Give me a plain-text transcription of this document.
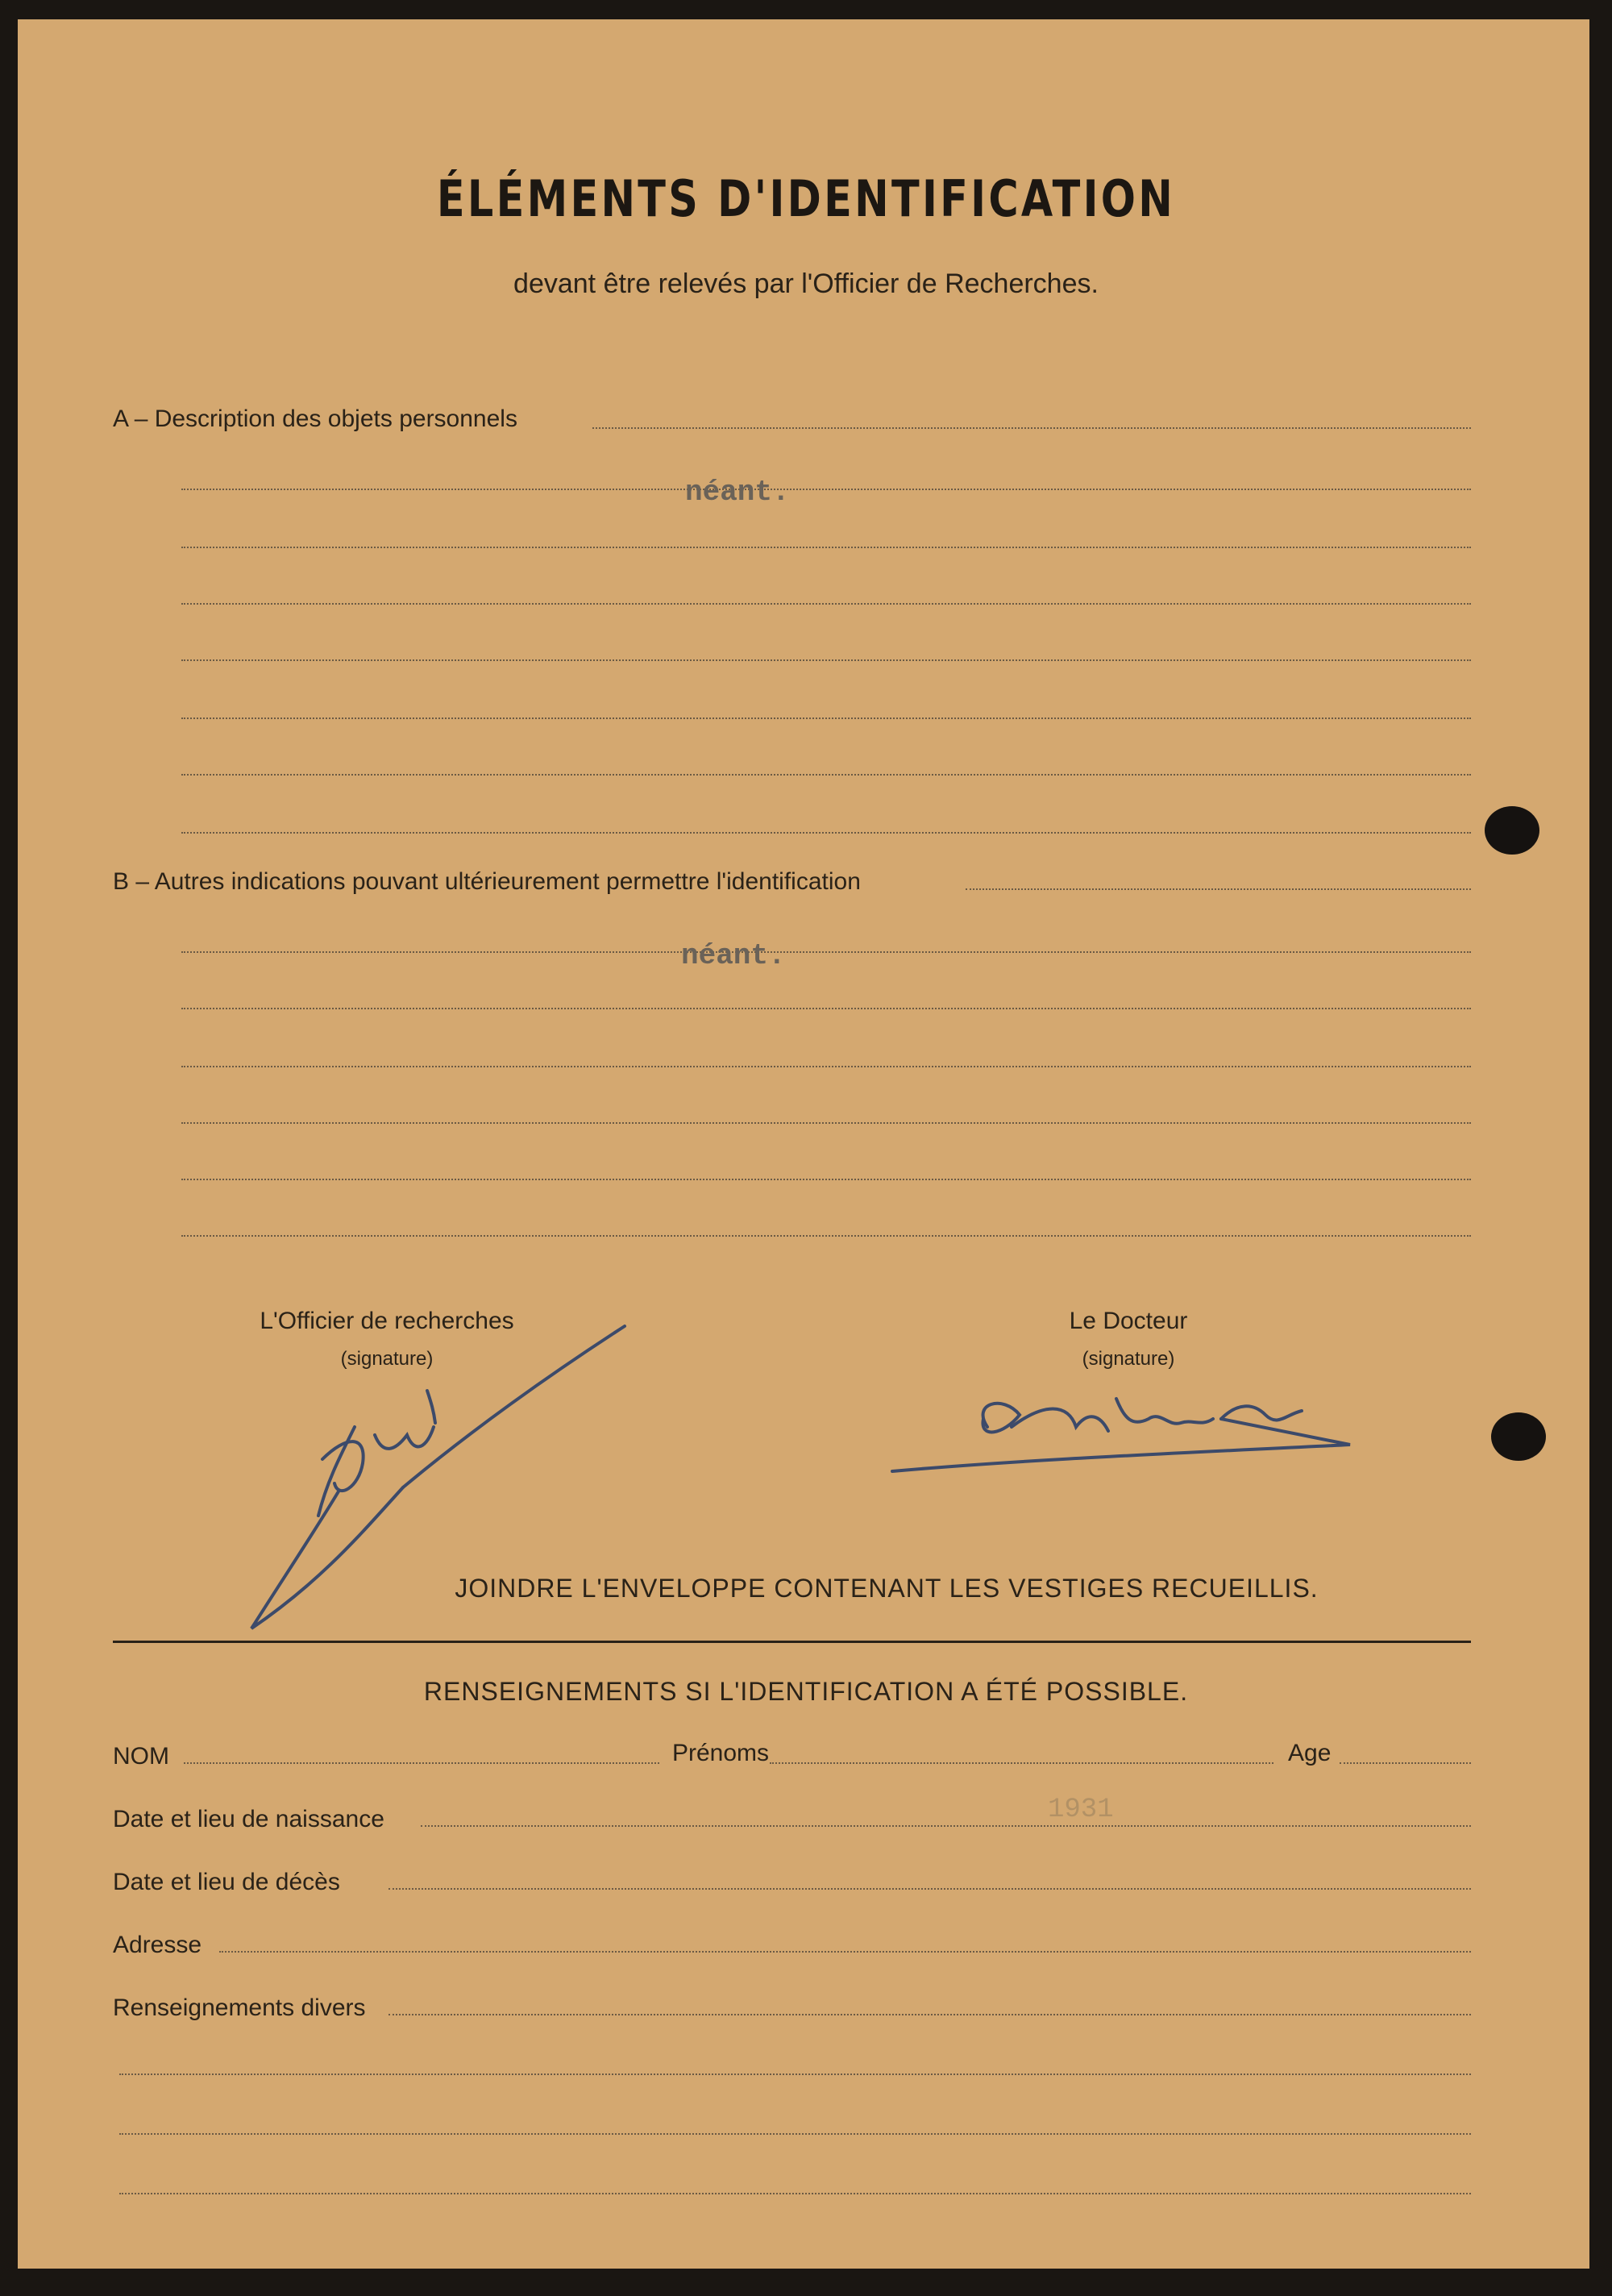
ÉLÉMENTS D'IDENTIFICATION
devant être relevés par l'Officier de Recherches.
A – Description des objets personnels
néant.
B – Autres indications pouvant ultérieurement permettre l'identification
néant.
L'Officier de recherches
(signature)
Le Docteur
(signature)
JOINDRE L'ENVELOPPE CONTENANT LES VESTIGES RECUEILLIS.
RENSEIGNEMENTS SI L'IDENTIFICATION A ÉTÉ POSSIBLE.
NOM	Prénoms	Age
Date et lieu de naissance	1931
Date et lieu de décès
Adresse
Renseignements divers
